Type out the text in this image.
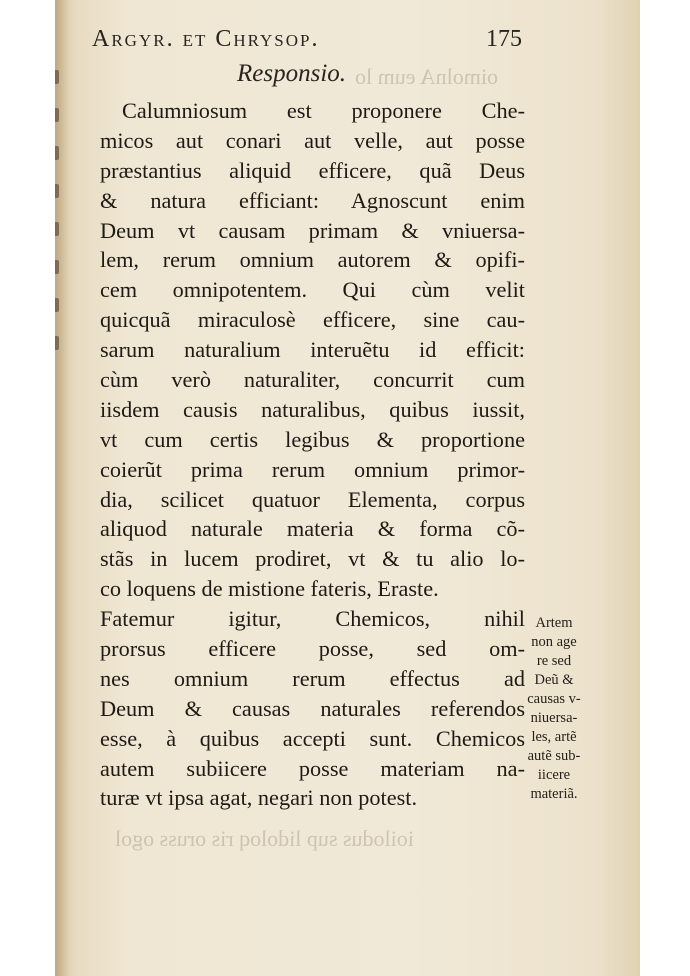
oimolnA eum lo
ioilodus sup lidoloq ris oruss ogol
Argyr. et Chrysop.	175
Responsio.
Calumniosum est proponere Che-
micos aut conari aut velle, aut posse
præstantius aliquid efficere, quã Deus
& natura efficiant: Agnoscunt enim
Deum vt causam primam & vniuersa-
lem, rerum omnium autorem & opifi-
cem omnipotentem. Qui cùm velit
quicquã miraculosè efficere, sine cau-
sarum naturalium interuẽtu id efficit:
cùm verò naturaliter, concurrit cum
iisdem causis naturalibus, quibus iussit,
vt cum certis legibus & proportione
coierũt prima rerum omnium primor-
dia, scilicet quatuor Elementa, corpus
aliquod naturale materia & forma cõ-
stãs in lucem prodiret, vt & tu alio lo-
co loquens de mistione fateris, Eraste.
Fatemur igitur, Chemicos, nihil
prorsus efficere posse, sed om-
nes omnium rerum effectus ad
Deum & causas naturales referendos
esse, à quibus accepti sunt. Chemicos
autem subiicere posse materiam na-
turæ vt ipsa agat, negari non potest.
Artem
non age
re sed
Deũ &
causas v-
niuersa-
les, artẽ
autẽ sub-
iicere
materiã.
